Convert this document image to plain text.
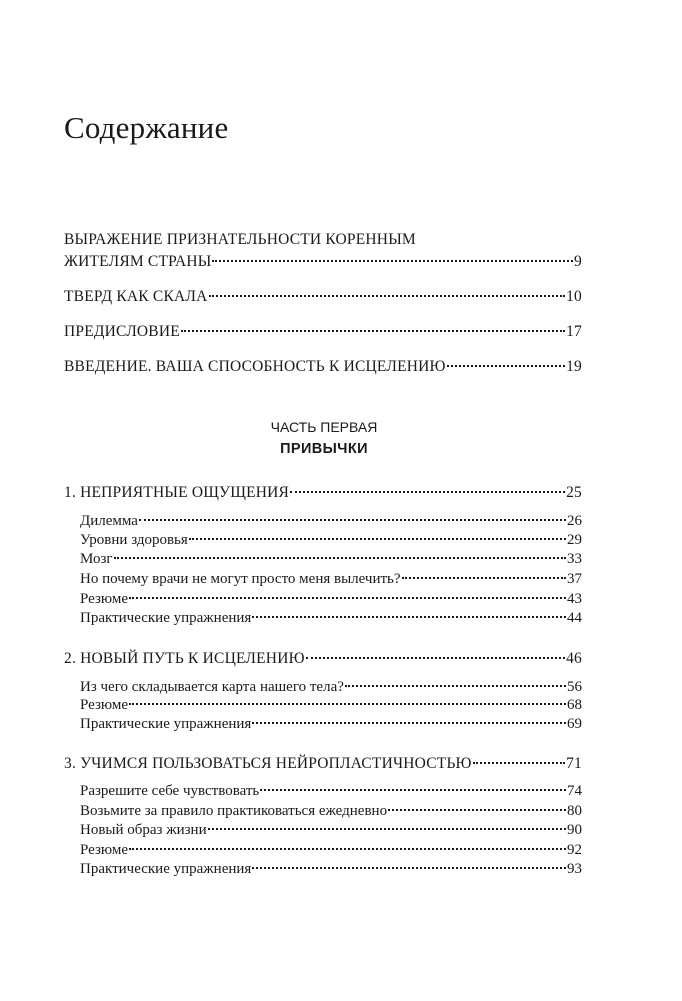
Содержание
ВЫРАЖЕНИЕ ПРИЗНАТЕЛЬНОСТИ КОРЕННЫМ
ЖИТЕЛЯМ СТРАНЫ	9
ТВЕРД КАК СКАЛА	10
ПРЕДИСЛОВИЕ	17
ВВЕДЕНИЕ. ВАША СПОСОБНОСТЬ К ИСЦЕЛЕНИЮ	19
ЧАСТЬ ПЕРВАЯ
ПРИВЫЧКИ
1. НЕПРИЯТНЫЕ ОЩУЩЕНИЯ	25
Дилемма	26
Уровни здоровья	29
Мозг	33
Но почему врачи не могут просто меня вылечить?	37
Резюме	43
Практические упражнения	44
2. НОВЫЙ ПУТЬ К ИСЦЕЛЕНИЮ	46
Из чего складывается карта нашего тела?	56
Резюме	68
Практические упражнения	69
3. УЧИМСЯ ПОЛЬЗОВАТЬСЯ НЕЙРОПЛАСТИЧНОСТЬЮ	71
Разрешите себе чувствовать	74
Возьмите за правило практиковаться ежедневно	80
Новый образ жизни	90
Резюме	92
Практические упражнения	93
